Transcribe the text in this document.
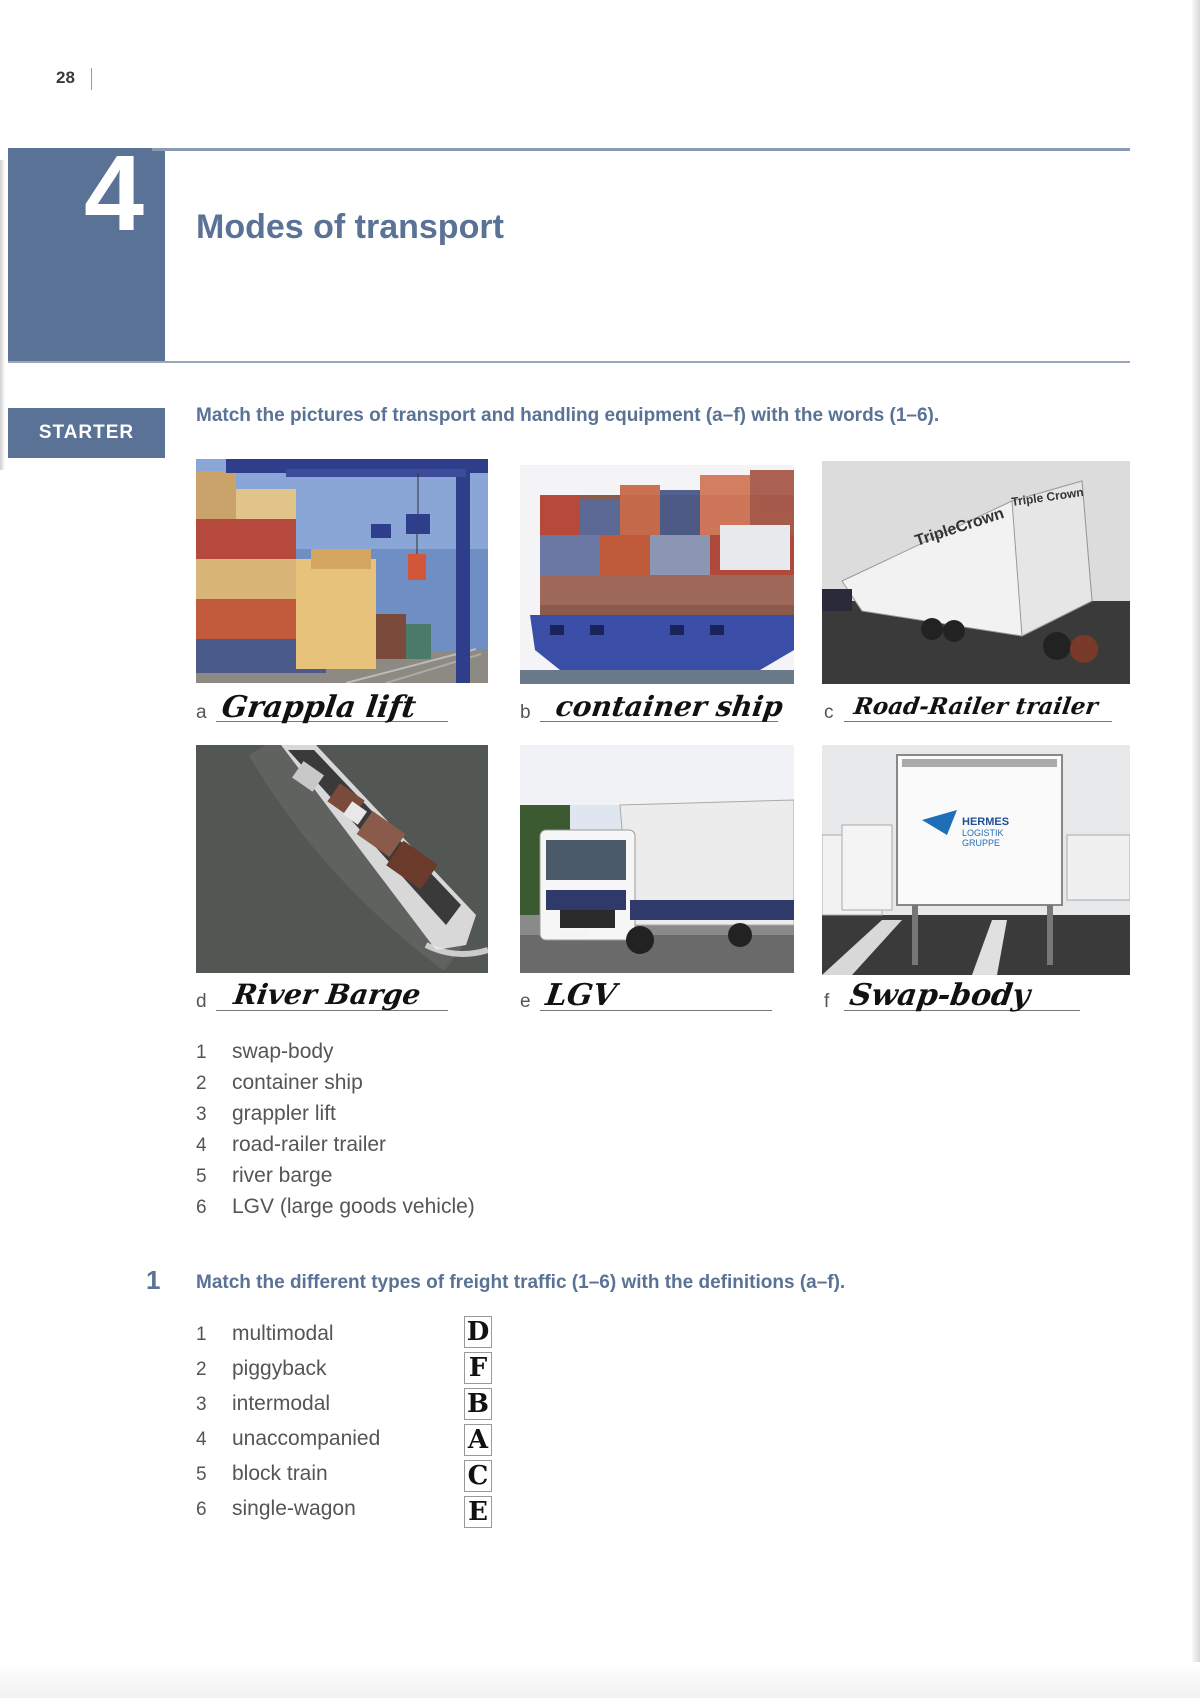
28
4 Modes of transport
STARTER
Match the pictures of transport and handling equipment (a–f) with the words (1–6).
TripleCrown
Triple Crown
a Grappla lift	b container ship c Road-Railer trailer
HERMES
LOGISTIK
GRUPPE
d River Barge	e LGV	f Swap-body
1 swap-body
2 container ship
3 grappler lift
4 road-railer trailer
5 river barge
6 LGV (large goods vehicle)
1 Match the different types of freight traffic (1–6) with the definitions (a–f).
1 multimodal	D
2 piggyback	F
3 intermodal	B
4 unaccompanied	A
5 block train	C
6 single-wagon	E
